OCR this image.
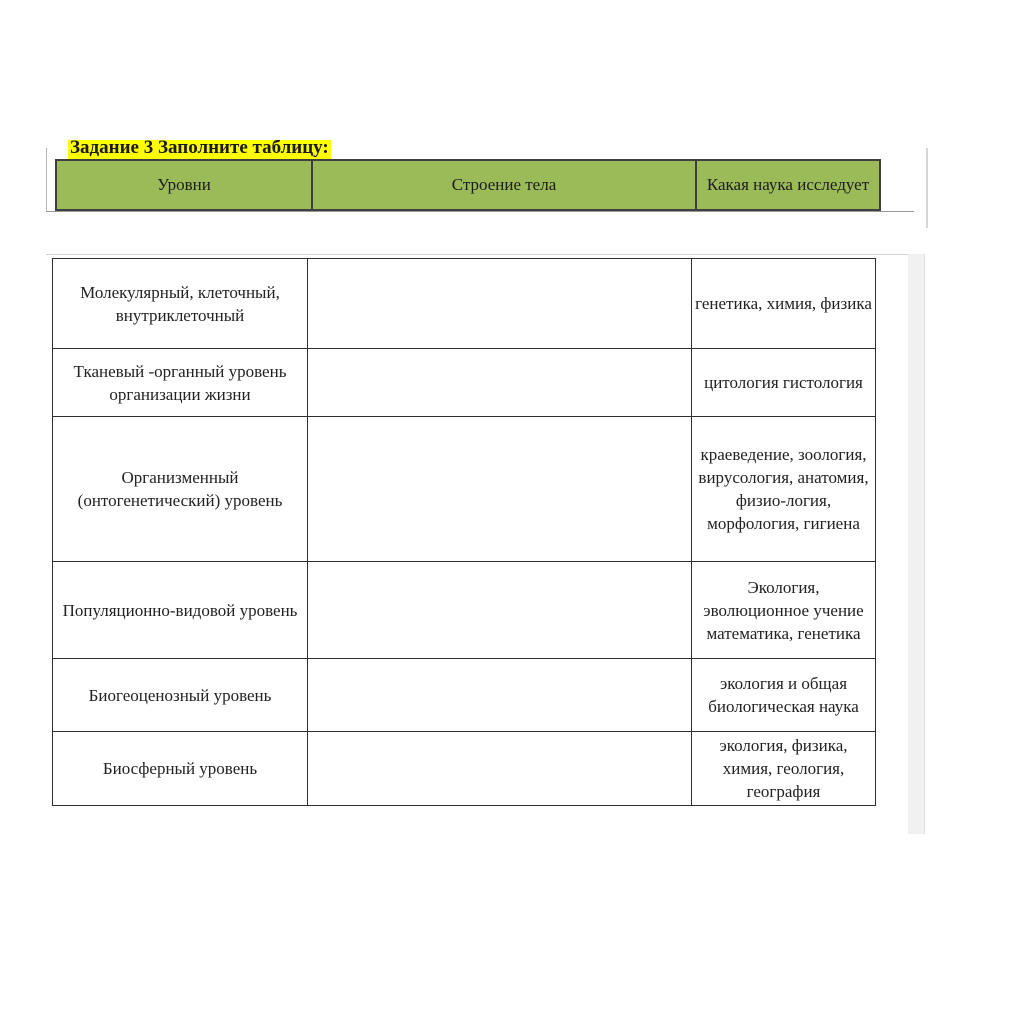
Задание 3 Заполните таблицу:
Уровни	Строение тела	Какая наука исследует
Молекулярный, клеточный, внутриклеточный		генетика, химия, физика
Тканевый -органный уровень организации жизни		цитология гистология
Организменный (онтогенетический) уровень		краеведение, зоология, вирусология, анатомия, физио-логия, морфология, гигиена
Популяционно-видовой уровень		Экология, эволюционное учение математика, генетика
Биогеоценозный уровень		экология и общая биологическая наука
Биосферный уровень		экология, физика, химия, геология, география
